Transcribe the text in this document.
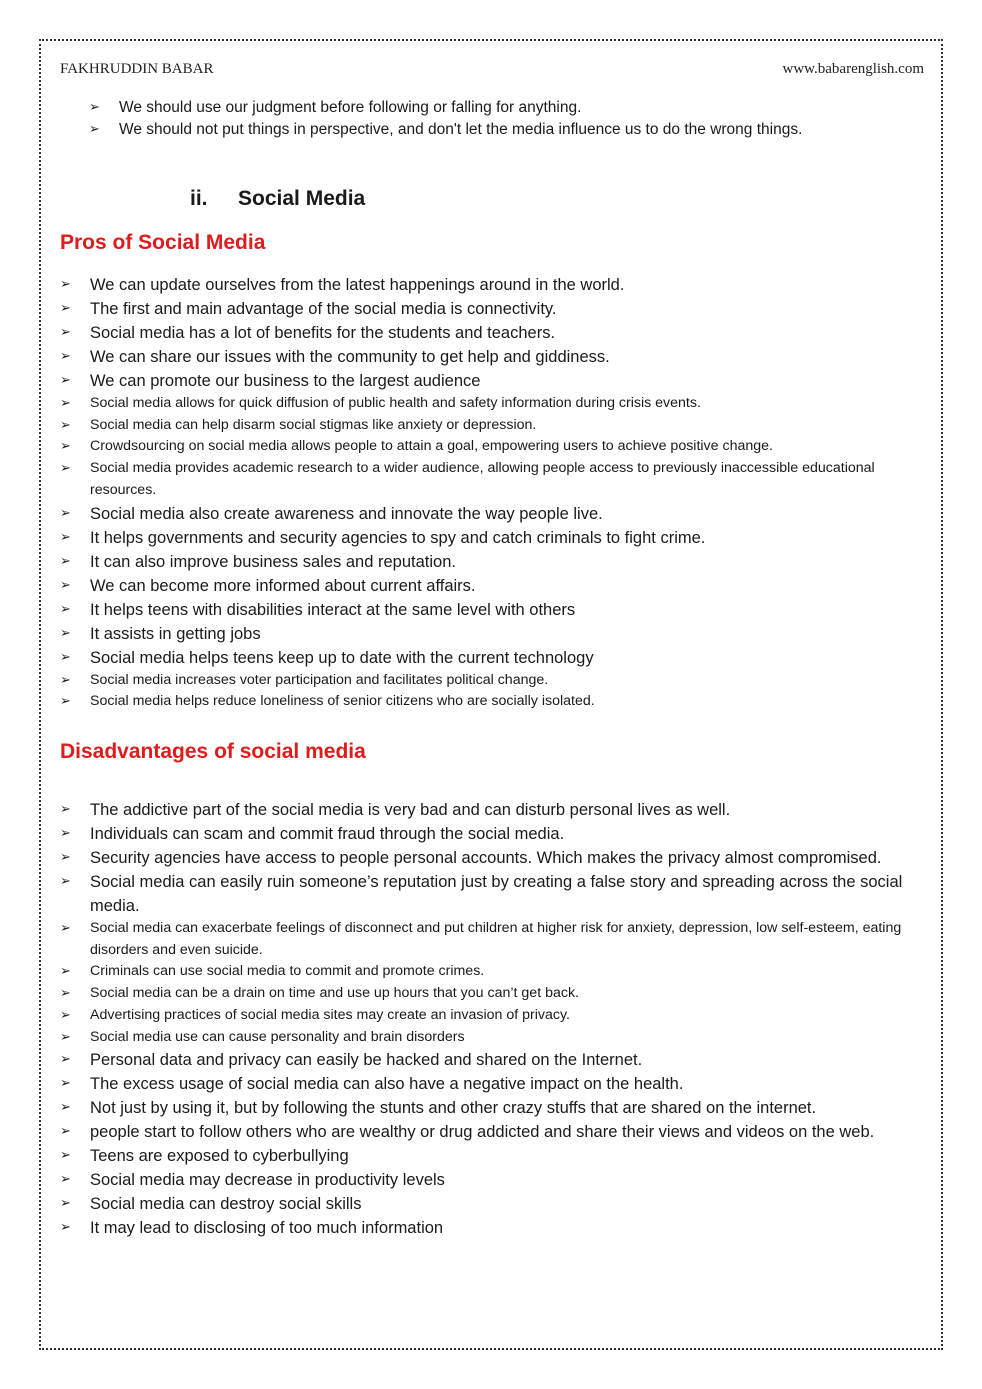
FAKHRUDDIN BABAR	www.babarenglish.com
➢ We should use our judgment before following or falling for anything.
➢ We should not put things in perspective, and don't let the media influence us to do the wrong things.
ii. Social Media
Pros of Social Media
➢ We can update ourselves from the latest happenings around in the world.
➢ The first and main advantage of the social media is connectivity.
➢ Social media has a lot of benefits for the students and teachers.
➢ We can share our issues with the community to get help and giddiness.
➢ We can promote our business to the largest audience
➢ Social media allows for quick diffusion of public health and safety information during crisis events.
➢ Social media can help disarm social stigmas like anxiety or depression.
➢ Crowdsourcing on social media allows people to attain a goal, empowering users to achieve positive change.
➢ Social media provides academic research to a wider audience, allowing people access to previously inaccessible educational resources.
➢ Social media also create awareness and innovate the way people live.
➢ It helps governments and security agencies to spy and catch criminals to fight crime.
➢ It can also improve business sales and reputation.
➢ We can become more informed about current affairs.
➢ It helps teens with disabilities interact at the same level with others
➢ It assists in getting jobs
➢ Social media helps teens keep up to date with the current technology
➢ Social media increases voter participation and facilitates political change.
➢ Social media helps reduce loneliness of senior citizens who are socially isolated.
Disadvantages of social media
➢ The addictive part of the social media is very bad and can disturb personal lives as well.
➢ Individuals can scam and commit fraud through the social media.
➢ Security agencies have access to people personal accounts. Which makes the privacy almost compromised.
➢ Social media can easily ruin someone’s reputation just by creating a false story and spreading across the social media.
➢ Social media can exacerbate feelings of disconnect and put children at higher risk for anxiety, depression, low self-esteem, eating disorders and even suicide.
➢ Criminals can use social media to commit and promote crimes.
➢ Social media can be a drain on time and use up hours that you can’t get back.
➢ Advertising practices of social media sites may create an invasion of privacy.
➢ Social media use can cause personality and brain disorders
➢ Personal data and privacy can easily be hacked and shared on the Internet.
➢ The excess usage of social media can also have a negative impact on the health.
➢ Not just by using it, but by following the stunts and other crazy stuffs that are shared on the internet.
➢ people start to follow others who are wealthy or drug addicted and share their views and videos on the web.
➢ Teens are exposed to cyberbullying
➢ Social media may decrease in productivity levels
➢ Social media can destroy social skills
➢ It may lead to disclosing of too much information
